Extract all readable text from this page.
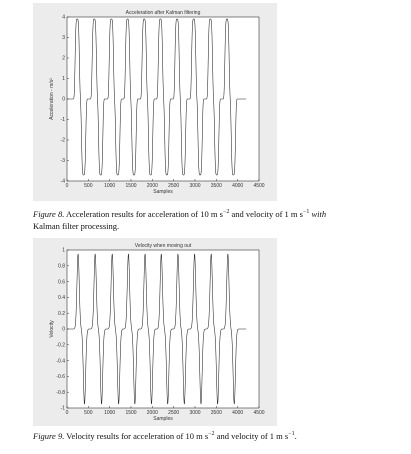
Acceleration after Kalman filtering
0	500 1000 1500 2000 2500 3000 3500 4000 4500
4
3
2
1
0
-1
-2
-3
-4
Samples
Acceleration - m/s²
Figure 8. Acceleration results for acceleration of 10 m $s^{-2}$ and velocity of 1 m $s^{-1}$ with
Kalman filter processing.
Velocity when moving out
0	500 1000 1500 2000 2500 3000 3500 4000 4500
1
0.8
0.6
0.4
0.2
0
-0.2
-0.4
-0.6
-0.8
-1
Samples
Velocity
Figure 9. Velocity results for acceleration of 10 m $s^{-2}$ and velocity of 1 m $s^{-1}$.
